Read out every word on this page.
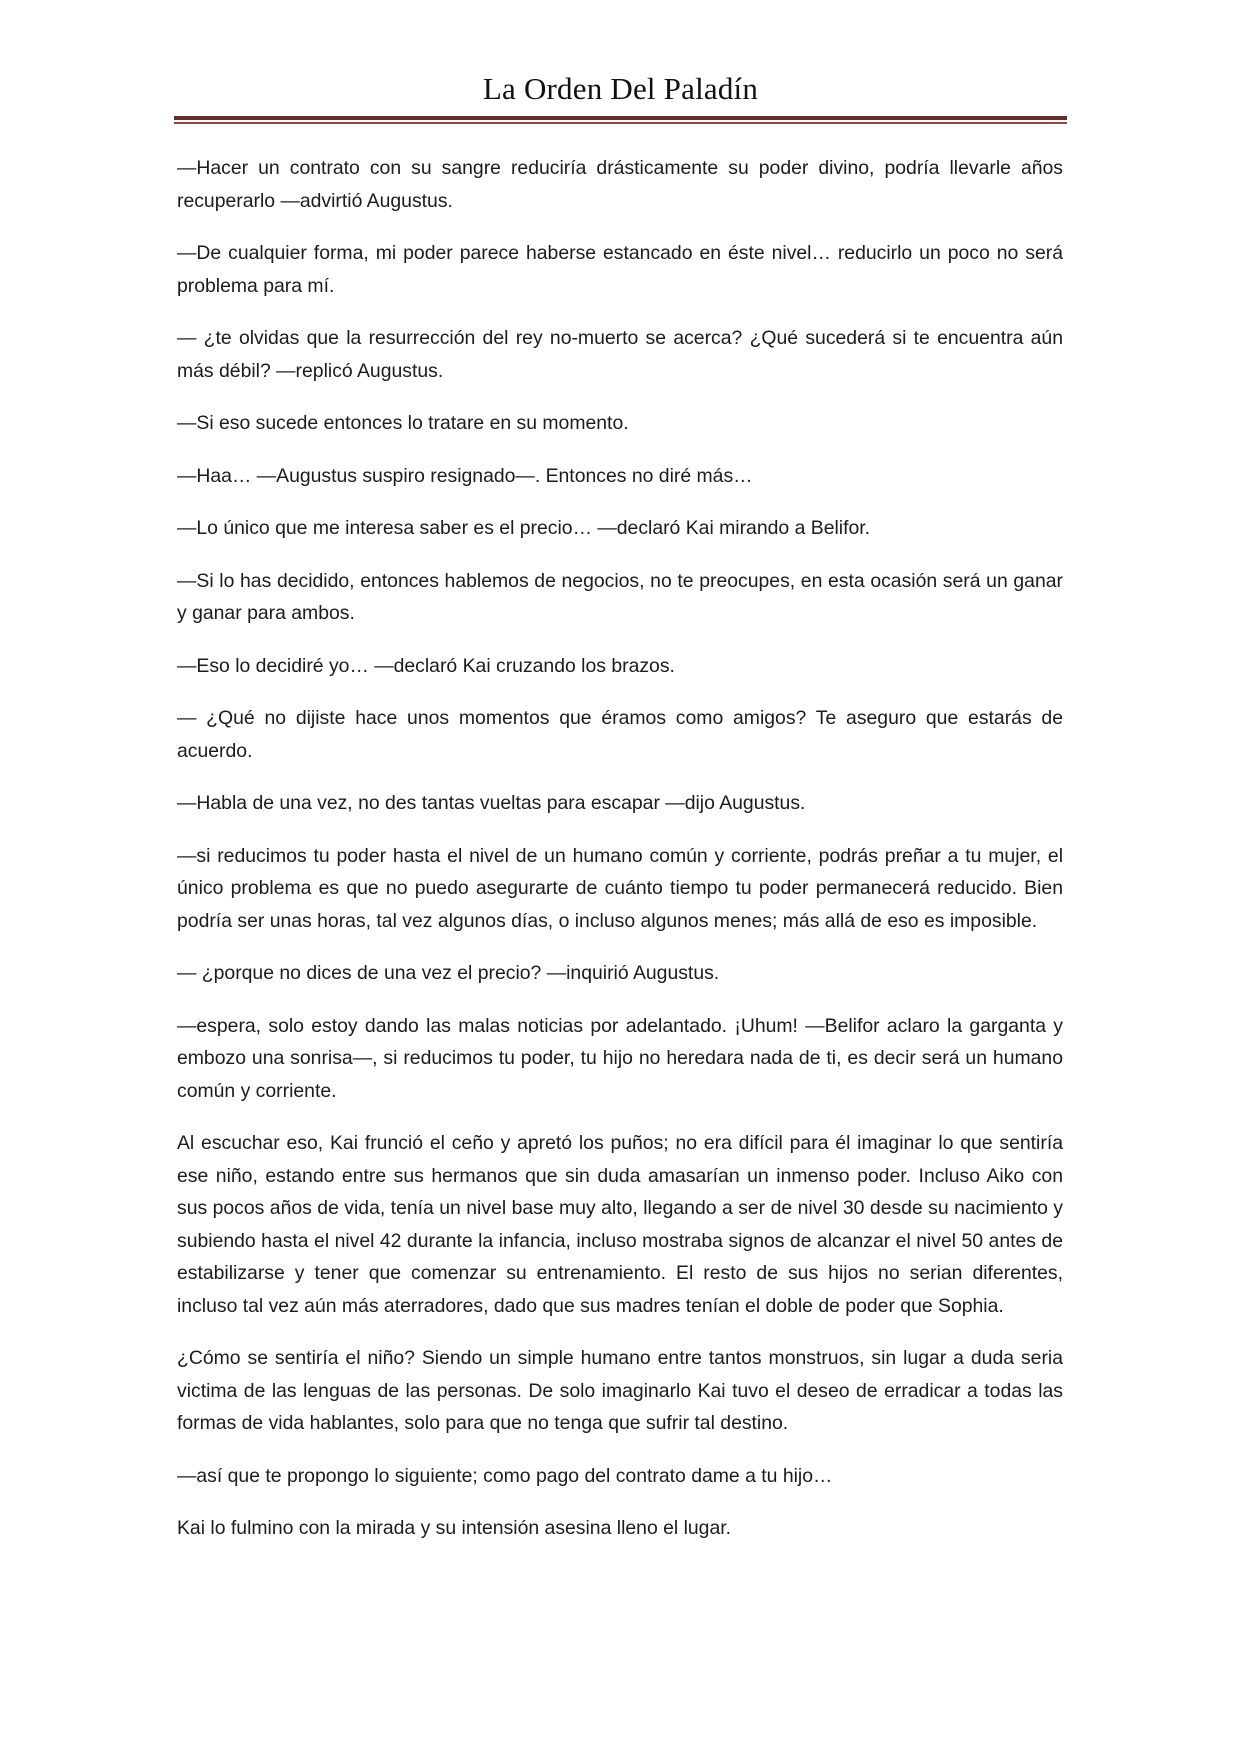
La Orden Del Paladín

—Hacer un contrato con su sangre reduciría drásticamente su poder divino, podría llevarle años recuperarlo —advirtió Augustus.

—De cualquier forma, mi poder parece haberse estancado en éste nivel… reducirlo un poco no será problema para mí.

— ¿te olvidas que la resurrección del rey no-muerto se acerca? ¿Qué sucederá si te encuentra aún más débil? —replicó Augustus.

—Si eso sucede entonces lo tratare en su momento.

—Haa… —Augustus suspiro resignado—. Entonces no diré más…

—Lo único que me interesa saber es el precio… —declaró Kai mirando a Belifor.

—Si lo has decidido, entonces hablemos de negocios, no te preocupes, en esta ocasión será un ganar y ganar para ambos.

—Eso lo decidiré yo… —declaró Kai cruzando los brazos.

— ¿Qué no dijiste hace unos momentos que éramos como amigos? Te aseguro que estarás de acuerdo.

—Habla de una vez, no des tantas vueltas para escapar —dijo Augustus.

—si reducimos tu poder hasta el nivel de un humano común y corriente, podrás preñar a tu mujer, el único problema es que no puedo asegurarte de cuánto tiempo tu poder permanecerá reducido. Bien podría ser unas horas, tal vez algunos días, o incluso algunos menes; más allá de eso es imposible.

— ¿porque no dices de una vez el precio? —inquirió Augustus.

—espera, solo estoy dando las malas noticias por adelantado. ¡Uhum! —Belifor aclaro la garganta y embozo una sonrisa—, si reducimos tu poder, tu hijo no heredara nada de ti, es decir será un humano común y corriente.

Al escuchar eso, Kai frunció el ceño y apretó los puños; no era difícil para él imaginar lo que sentiría ese niño, estando entre sus hermanos que sin duda amasarían un inmenso poder. Incluso Aiko con sus pocos años de vida, tenía un nivel base muy alto, llegando a ser de nivel 30 desde su nacimiento y subiendo hasta el nivel 42 durante la infancia, incluso mostraba signos de alcanzar el nivel 50 antes de estabilizarse y tener que comenzar su entrenamiento. El resto de sus hijos no serian diferentes, incluso tal vez aún más aterradores, dado que sus madres tenían el doble de poder que Sophia.

¿Cómo se sentiría el niño? Siendo un simple humano entre tantos monstruos, sin lugar a duda seria victima de las lenguas de las personas. De solo imaginarlo Kai tuvo el deseo de erradicar a todas las formas de vida hablantes, solo para que no tenga que sufrir tal destino.

—así que te propongo lo siguiente; como pago del contrato dame a tu hijo…

Kai lo fulmino con la mirada y su intensión asesina lleno el lugar.
